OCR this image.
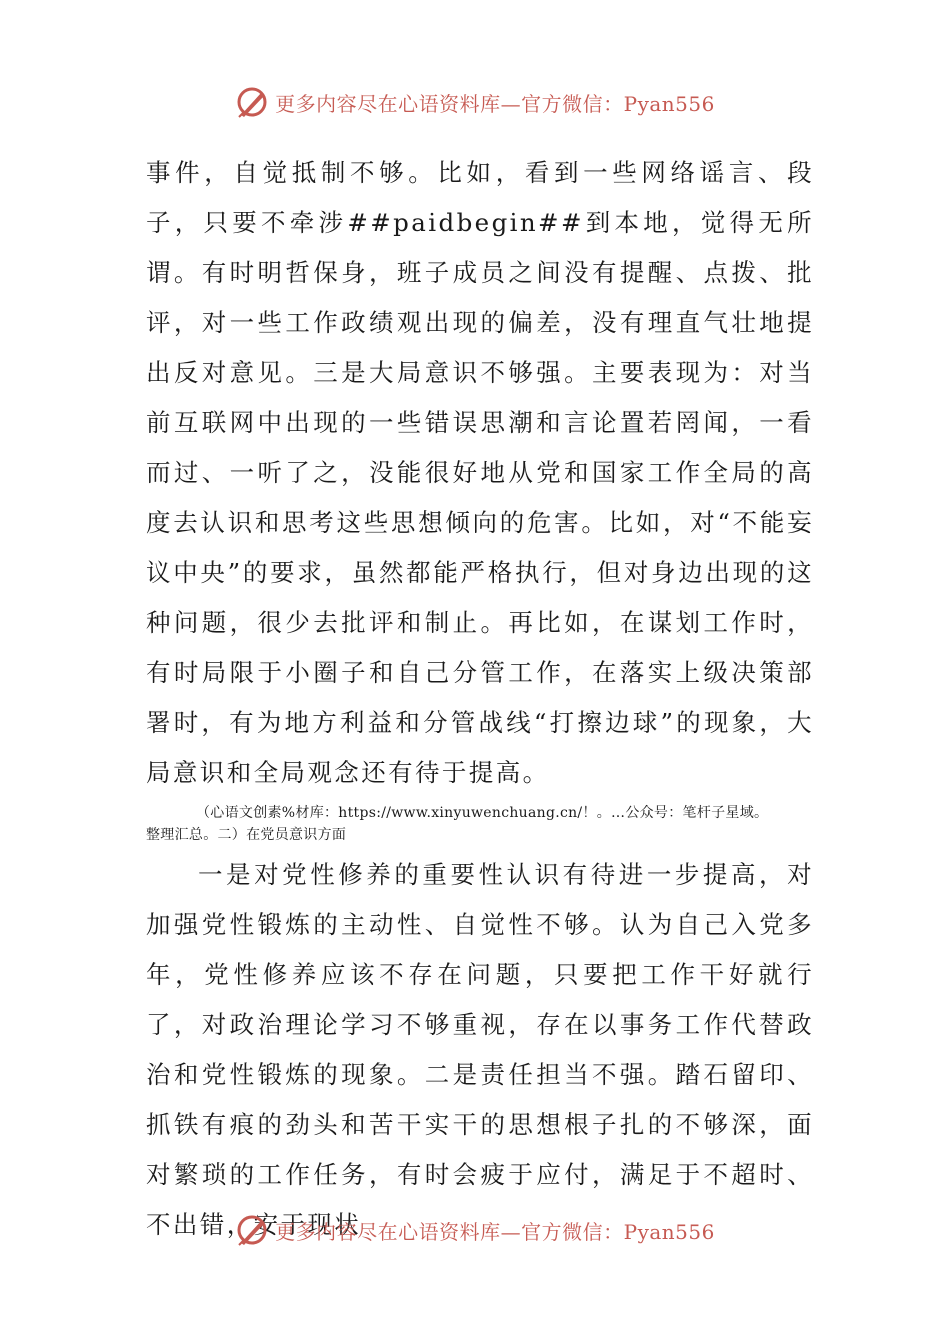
更多内容尽在心语资料库—官方微信：Pyan556

事件，自觉抵制不够。比如，看到一些网络谣言、段子，只要不牵涉##paidbegin##到本地，觉得无所谓。有时明哲保身，班子成员之间没有提醒、点拨、批评，对一些工作政绩观出现的偏差，没有理直气壮地提出反对意见。三是大局意识不够强。主要表现为：对当前互联网中出现的一些错误思潮和言论置若罔闻，一看而过、一听了之，没能很好地从党和国家工作全局的高度去认识和思考这些思想倾向的危害。比如，对“不能妄议中央”的要求，虽然都能严格执行，但对身边出现的这种问题，很少去批评和制止。再比如，在谋划工作时，有时局限于小圈子和自己分管工作，在落实上级决策部署时，有为地方利益和分管战线“打擦边球”的现象，大局意识和全局观念还有待于提高。

（心语文创素%材库：https://www.xinyuwenchuang.cn/！。…公众号：笔杆子星域。
整理汇总。二）在党员意识方面

一是对党性修养的重要性认识有待进一步提高，对加强党性锻炼的主动性、自觉性不够。认为自己入党多年，党性修养应该不存在问题，只要把工作干好就行了，对政治理论学习不够重视，存在以事务工作代替政治和党性锻炼的现象。二是责任担当不强。踏石留印、抓铁有痕的劲头和苦干实干的思想根子扎的不够深，面对繁琐的工作任务，有时会疲于应付，满足于不超时、不出错，安于现状

更多内容尽在心语资料库—官方微信：Pyan556
